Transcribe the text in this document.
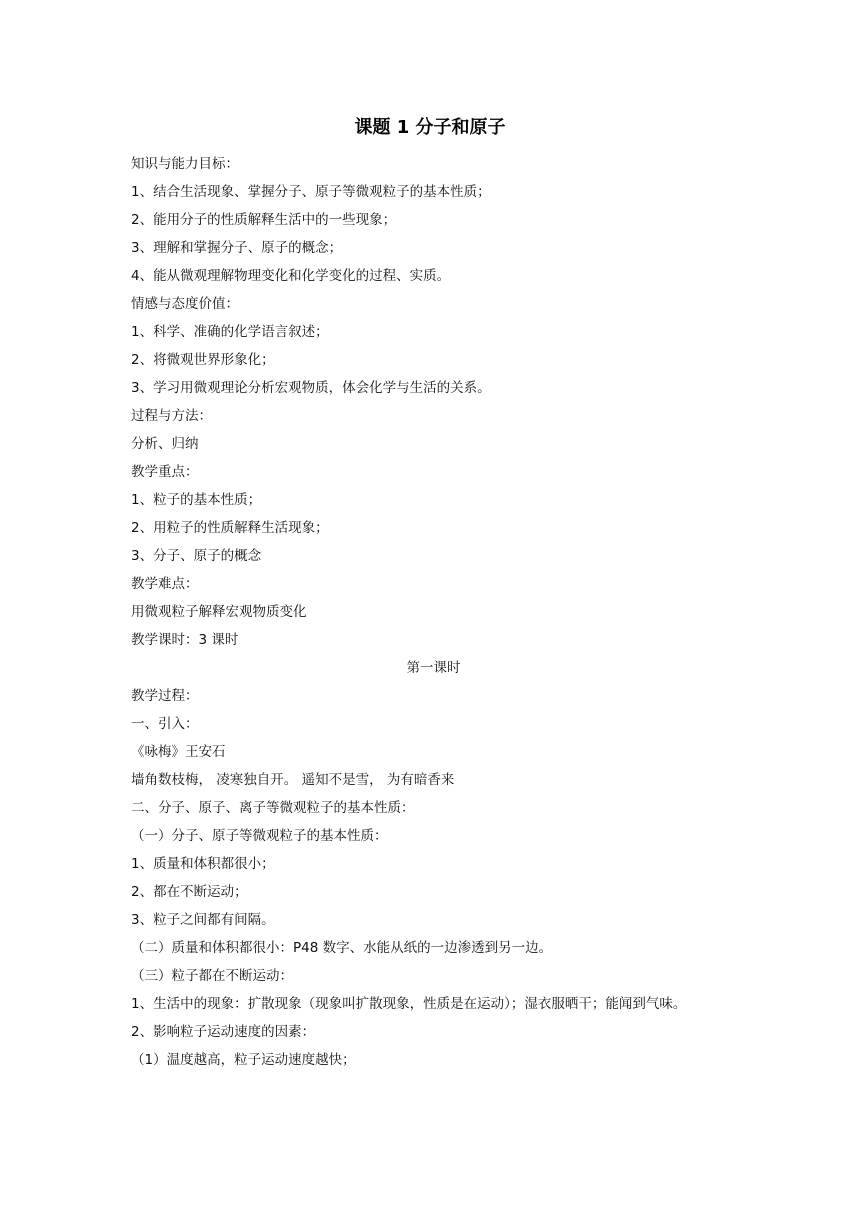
课题 1 分子和原子
知识与能力目标：
1、结合生活现象、掌握分子、原子等微观粒子的基本性质；
2、能用分子的性质解释生活中的一些现象；
3、理解和掌握分子、原子的概念；
4、能从微观理解物理变化和化学变化的过程、实质。
情感与态度价值：
1、科学、准确的化学语言叙述；
2、将微观世界形象化；
3、学习用微观理论分析宏观物质，体会化学与生活的关系。
过程与方法：
分析、归纳
教学重点：
1、粒子的基本性质；
2、用粒子的性质解释生活现象；
3、分子、原子的概念
教学难点：
用微观粒子解释宏观物质变化
教学课时：3 课时
第一课时
教学过程：
一、引入：
《咏梅》王安石
墙角数枝梅， 凌寒独自开。 遥知不是雪， 为有暗香来
二、分子、原子、离子等微观粒子的基本性质：
（一）分子、原子等微观粒子的基本性质：
1、质量和体积都很小；
2、都在不断运动；
3、粒子之间都有间隔。
（二）质量和体积都很小：P48 数字、水能从纸的一边渗透到另一边。
（三）粒子都在不断运动：
1、生活中的现象：扩散现象（现象叫扩散现象，性质是在运动）；湿衣服晒干；能闻到气味。
2、影响粒子运动速度的因素：
（1）温度越高，粒子运动速度越快；
